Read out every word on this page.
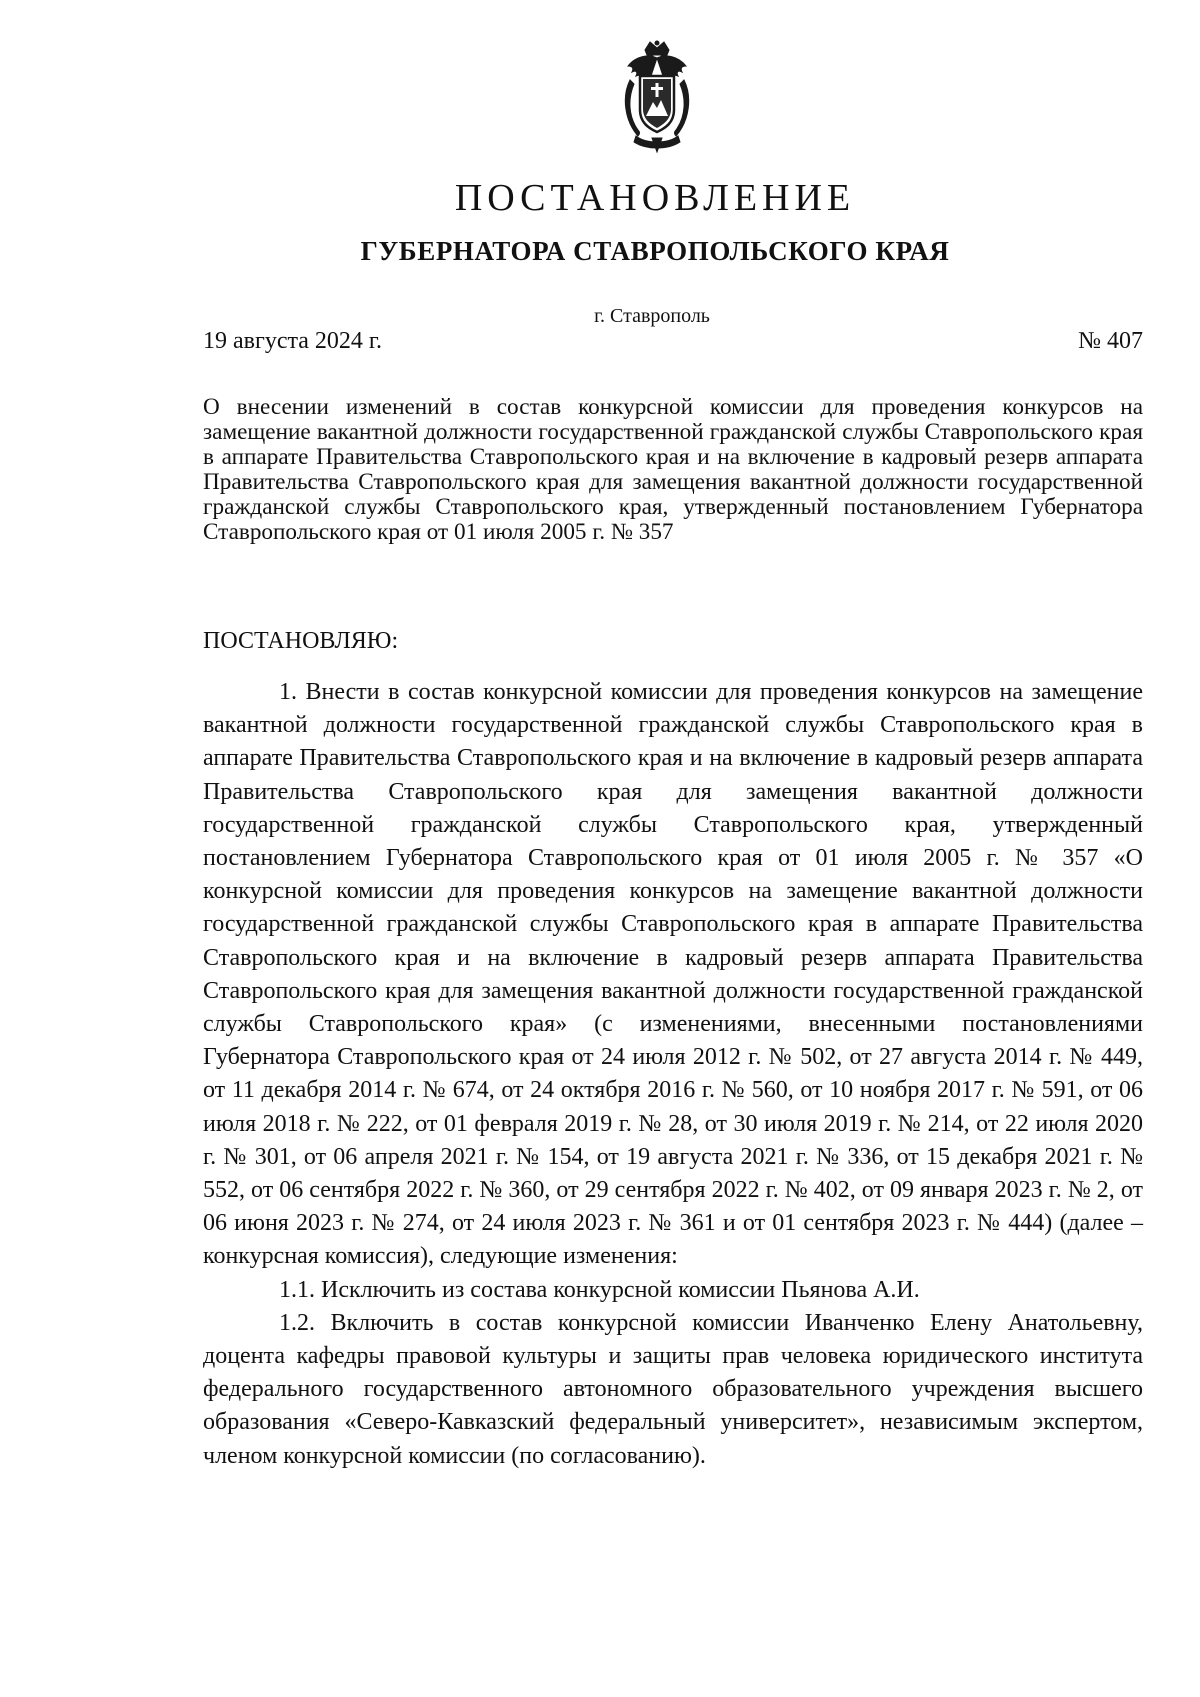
ПОСТАНОВЛЕНИЕ
ГУБЕРНАТОРА СТАВРОПОЛЬСКОГО КРАЯ
г. Ставрополь
19 августа 2024 г.	№ 407

О внесении изменений в состав конкурсной комиссии для проведения конкурсов на замещение вакантной должности государственной гражданской службы Ставропольского края в аппарате Правительства Ставропольского края и на включение в кадровый резерв аппарата Правительства Ставропольского края для замещения вакантной должности государственной гражданской службы Ставропольского края, утвержденный постановлением Губернатора Ставропольского края от 01 июля 2005 г. № 357

ПОСТАНОВЛЯЮ:

1. Внести в состав конкурсной комиссии для проведения конкурсов на замещение вакантной должности государственной гражданской службы Ставропольского края в аппарате Правительства Ставропольского края и на включение в кадровый резерв аппарата Правительства Ставропольского края для замещения вакантной должности государственной гражданской службы Ставропольского края, утвержденный постановлением Губернатора Ставропольского края от 01 июля 2005 г. № 357 «О конкурсной комиссии для проведения конкурсов на замещение вакантной должности государственной гражданской службы Ставропольского края в аппарате Правительства Ставропольского края и на включение в кадровый резерв аппарата Правительства Ставропольского края для замещения вакантной должности государственной гражданской службы Ставропольского края» (с изменениями, внесенными постановлениями Губернатора Ставропольского края от 24 июля 2012 г. № 502, от 27 августа 2014 г. № 449, от 11 декабря 2014 г. № 674, от 24 октября 2016 г. № 560, от 10 ноября 2017 г. № 591, от 06 июля 2018 г. № 222, от 01 февраля 2019 г. № 28, от 30 июля 2019 г. № 214, от 22 июля 2020 г. № 301, от 06 апреля 2021 г. № 154, от 19 августа 2021 г. № 336, от 15 декабря 2021 г. № 552, от 06 сентября 2022 г. № 360, от 29 сентября 2022 г. № 402, от 09 января 2023 г. № 2, от 06 июня 2023 г. № 274, от 24 июля 2023 г. № 361 и от 01 сентября 2023 г. № 444) (далее – конкурсная комиссия), следующие изменения:

1.1. Исключить из состава конкурсной комиссии Пьянова А.И.

1.2. Включить в состав конкурсной комиссии Иванченко Елену Анатольевну, доцента кафедры правовой культуры и защиты прав человека юридического института федерального государственного автономного образовательного учреждения высшего образования «Северо-Кавказский федеральный университет», независимым экспертом, членом конкурсной комиссии (по согласованию).
